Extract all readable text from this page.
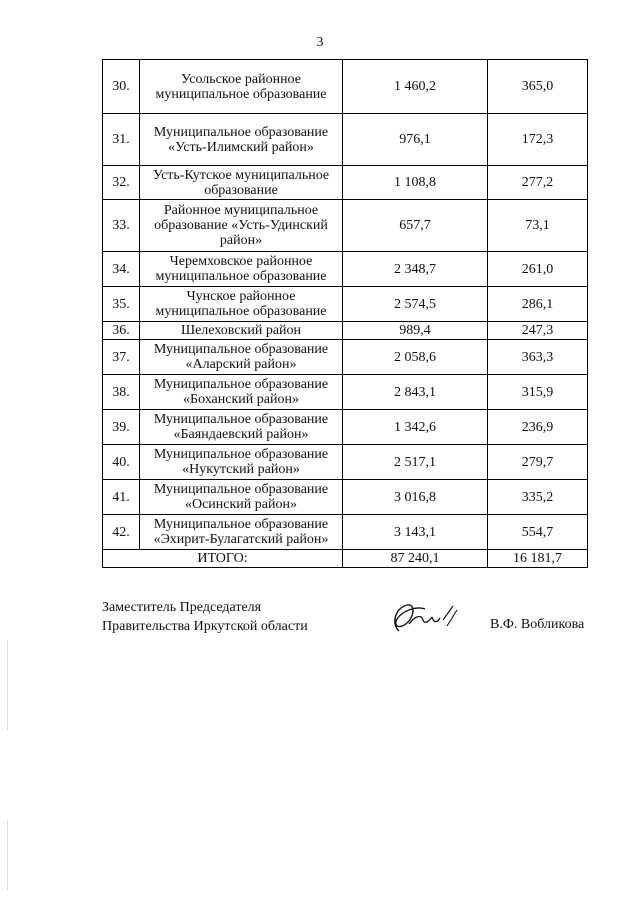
3
30.	Усольское районное муниципальное образование	1 460,2	365,0
31.	Муниципальное образование «Усть-Илимский район»	976,1	172,3
32.	Усть-Кутское муниципальное образование	1 108,8	277,2
33.	Районное муниципальное образование «Усть-Удинский район»	657,7	73,1
34.	Черемховское районное муниципальное образование	2 348,7	261,0
35.	Чунское районное муниципальное образование	2 574,5	286,1
36.	Шелеховский район	989,4	247,3
37.	Муниципальное образование «Аларский район»	2 058,6	363,3
38.	Муниципальное образование «Боханский район»	2 843,1	315,9
39.	Муниципальное образование «Баяндаевский район»	1 342,6	236,9
40.	Муниципальное образование «Нукутский район»	2 517,1	279,7
41.	Муниципальное образование «Осинский район»	3 016,8	335,2
42.	Муниципальное образование «Эхирит-Булагатский район»	3 143,1	554,7
ИТОГО:		87 240,1	16 181,7
Заместитель Председателя
Правительства Иркутской области	В.Ф. Вобликова
